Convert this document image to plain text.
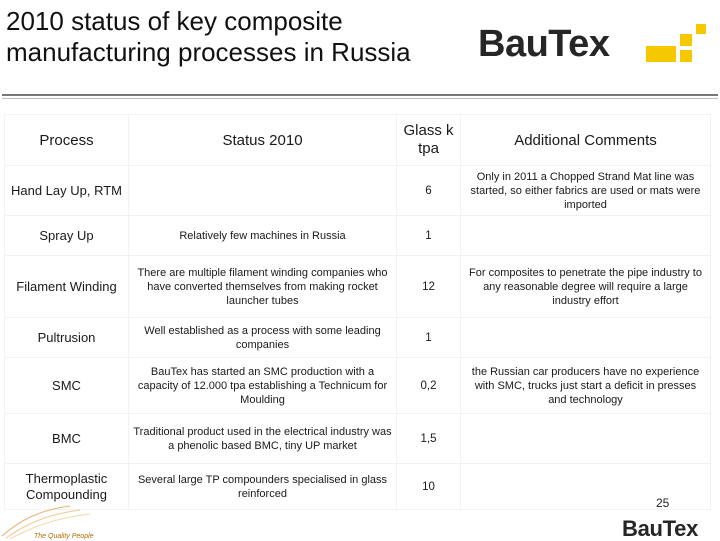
2010 status of key composite manufacturing processes in Russia	BauTex
Process	Status 2010	Glass k tpa	Additional Comments
Hand Lay Up, RTM		6	Only in 2011 a Chopped Strand Mat line was started, so either fabrics are used or mats were imported
Spray Up	Relatively few machines in Russia	1	
Filament Winding	There are multiple filament winding companies who have converted themselves from making rocket launcher tubes	12	For composites to penetrate the pipe industry to any reasonable degree will require a large industry effort
Pultrusion	Well established as a process with some leading companies	1	
SMC	BauTex has started an SMC production with a capacity of 12.000 tpa establishing a Technicum for Moulding	0,2	the Russian car producers have no experience with SMC, trucks just start a deficit in presses and technology
BMC	Traditional product used in the electrical industry was a phenolic based BMC, tiny UP market	1,5	
Thermoplastic Compounding	Several large TP compounders specialised in glass reinforced	10	
The Quality People
25
BauTex
